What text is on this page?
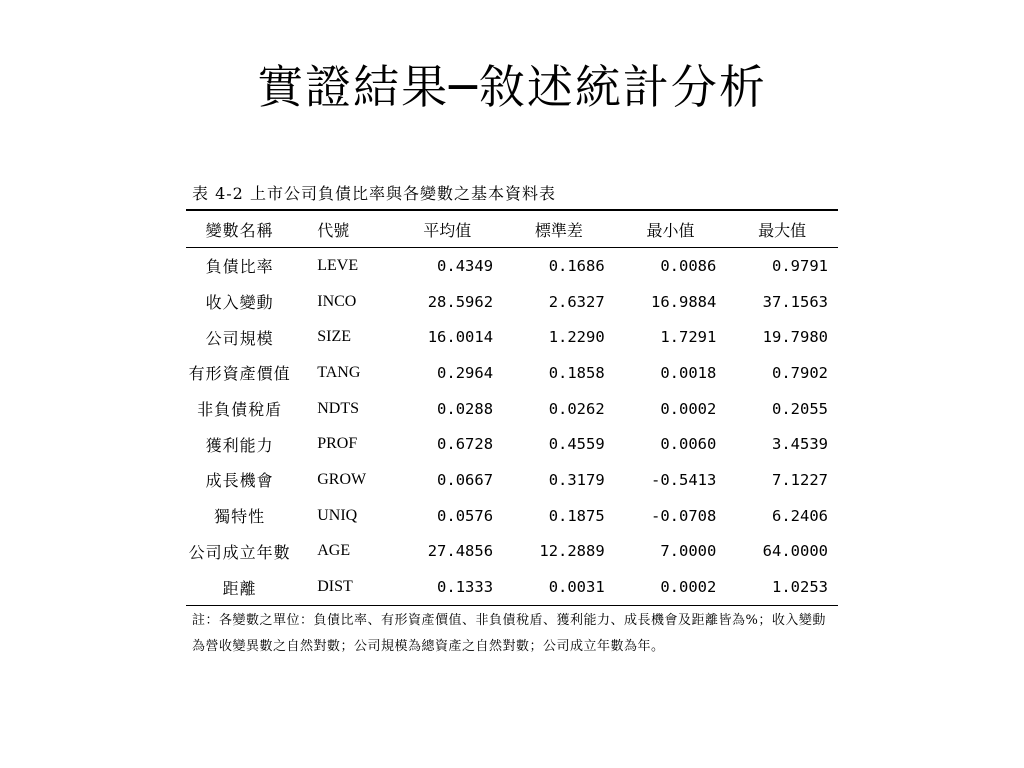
實證結果─敘述統計分析
表 4-2 上市公司負債比率與各變數之基本資料表
變數名稱	代號	平均值	標準差	最小值	最大值
負債比率	LEVE	0.4349	0.1686	0.0086	0.9791
收入變動	INCO	28.5962	2.6327	16.9884	37.1563
公司規模	SIZE	16.0014	1.2290	1.7291	19.7980
有形資產價值	TANG	0.2964	0.1858	0.0018	0.7902
非負債稅盾	NDTS	0.0288	0.0262	0.0002	0.2055
獲利能力	PROF	0.6728	0.4559	0.0060	3.4539
成長機會	GROW	0.0667	0.3179	-0.5413	7.1227
獨特性	UNIQ	0.0576	0.1875	-0.0708	6.2406
公司成立年數	AGE	27.4856	12.2889	7.0000	64.0000
距離	DIST	0.1333	0.0031	0.0002	1.0253
註：各變數之單位：負債比率、有形資產價值、非負債稅盾、獲利能力、成長機會及距離皆為%；收入變動為營收變異數之自然對數；公司規模為總資產之自然對數；公司成立年數為年。
